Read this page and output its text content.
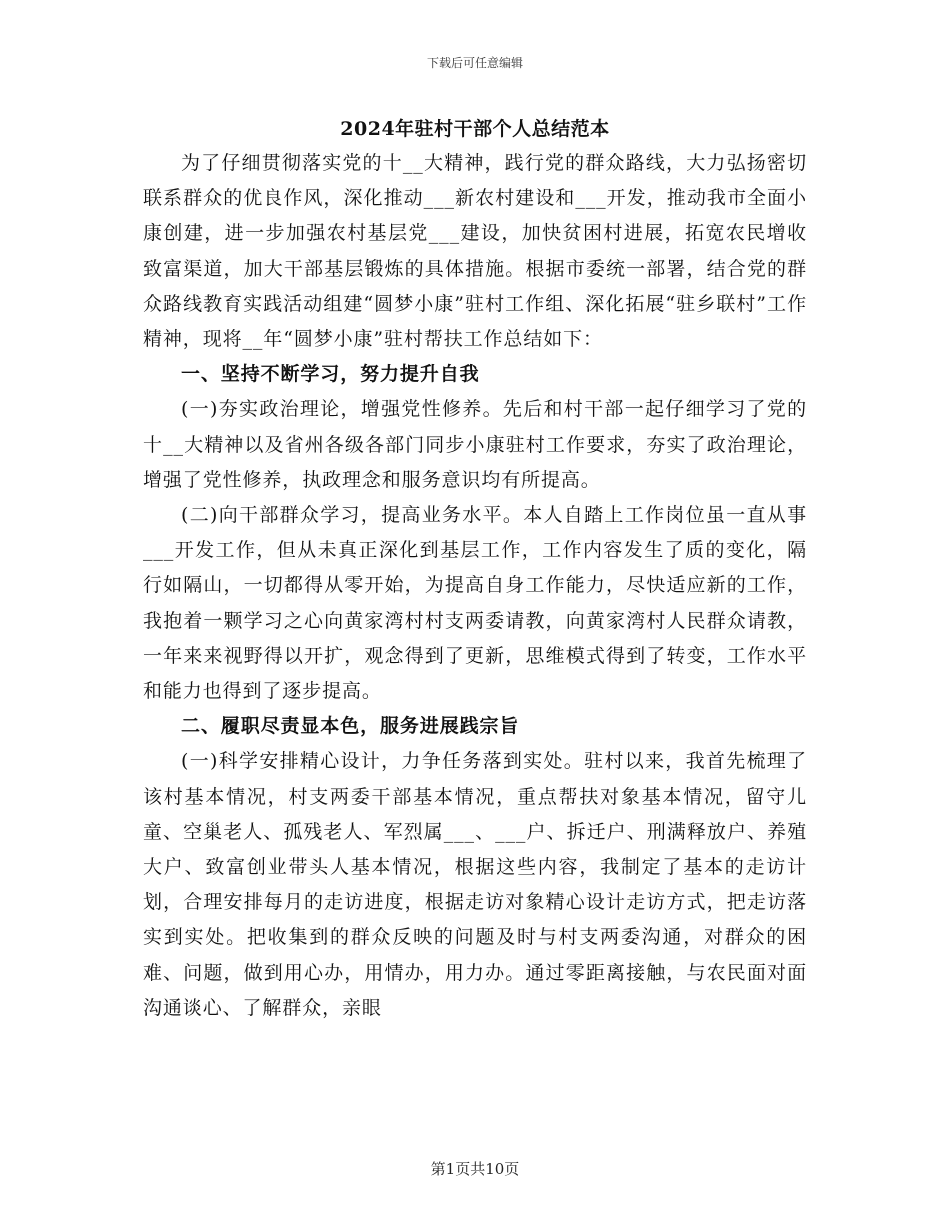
下载后可任意编辑
2024年驻村干部个人总结范本

为了仔细贯彻落实党的十__大精神，践行党的群众路线，大力弘扬密切联系群众的优良作风，深化推动___新农村建设和___开发，推动我市全面小康创建，进一步加强农村基层党___建设，加快贫困村进展，拓宽农民增收致富渠道，加大干部基层锻炼的具体措施。根据市委统一部署，结合党的群众路线教育实践活动组建“圆梦小康”驻村工作组、深化拓展“驻乡联村”工作精神，现将__年“圆梦小康”驻村帮扶工作总结如下：

一、坚持不断学习，努力提升自我

(一)夯实政治理论，增强党性修养。先后和村干部一起仔细学习了党的十__大精神以及省州各级各部门同步小康驻村工作要求，夯实了政治理论，增强了党性修养，执政理念和服务意识均有所提高。

(二)向干部群众学习，提高业务水平。本人自踏上工作岗位虽一直从事___开发工作，但从未真正深化到基层工作，工作内容发生了质的变化，隔行如隔山，一切都得从零开始，为提高自身工作能力，尽快适应新的工作，我抱着一颗学习之心向黄家湾村村支两委请教，向黄家湾村人民群众请教，一年来来视野得以开扩，观念得到了更新，思维模式得到了转变，工作水平和能力也得到了逐步提高。

二、履职尽责显本色，服务进展践宗旨

(一)科学安排精心设计，力争任务落到实处。驻村以来，我首先梳理了该村基本情况，村支两委干部基本情况，重点帮扶对象基本情况，留守儿童、空巢老人、孤残老人、军烈属___、___户、拆迁户、刑满释放户、养殖大户、致富创业带头人基本情况，根据这些内容，我制定了基本的走访计划，合理安排每月的走访进度，根据走访对象精心设计走访方式，把走访落实到实处。把收集到的群众反映的问题及时与村支两委沟通，对群众的困难、问题，做到用心办，用情办，用力办。通过零距离接触，与农民面对面沟通谈心、了解群众，亲眼

第1页共10页
